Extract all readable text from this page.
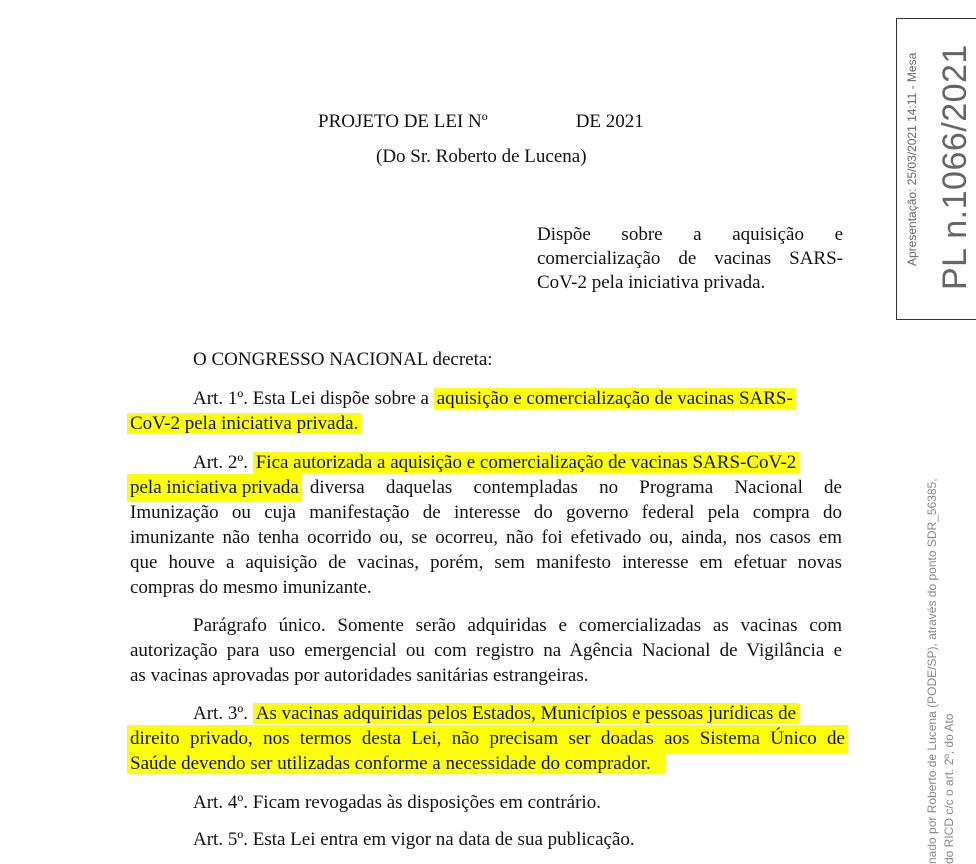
PROJETO DE LEI Nº	DE 2021
(Do Sr. Roberto de Lucena)
Dispõe sobre a aquisição e
comercialização de vacinas SARS-
CoV-2 pela iniciativa privada.
O CONGRESSO NACIONAL decreta:
Art. 1º. Esta Lei dispõe sobre a aquisição e comercialização de vacinas SARS-
CoV-2 pela iniciativa privada.
Art. 2º. Fica autorizada a aquisição e comercialização de vacinas SARS-CoV-2
pela iniciativa privada diversa daquelas contempladas no Programa Nacional de
Imunização ou cuja manifestação de interesse do governo federal pela compra do
imunizante não tenha ocorrido ou, se ocorreu, não foi efetivado ou, ainda, nos casos em
que houve a aquisição de vacinas, porém, sem manifesto interesse em efetuar novas
compras do mesmo imunizante.
Parágrafo único. Somente serão adquiridas e comercializadas as vacinas com
autorização para uso emergencial ou com registro na Agência Nacional de Vigilância e
as vacinas aprovadas por autoridades sanitárias estrangeiras.
Art. 3º. As vacinas adquiridas pelos Estados, Municípios e pessoas jurídicas de
direito privado, nos termos desta Lei, não precisam ser doadas aos Sistema Único de
Saúde devendo ser utilizadas conforme a necessidade do comprador.
Art. 4º. Ficam revogadas às disposições em contrário.
Art. 5º. Esta Lei entra em vigor na data de sua publicação.
PL n.1066/2021
Apresentação: 25/03/2021 14:11 - Mesa
nado por Roberto de Lucena (PODE/SP), através do ponto SDR_56385, do RICD c/c o art. 2º, do Ato
